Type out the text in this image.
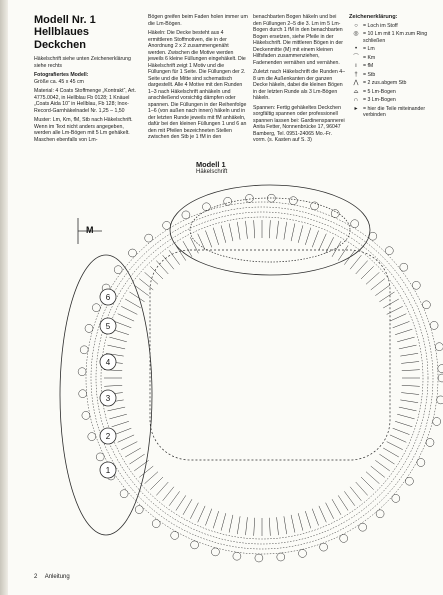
Modell Nr. 1
Hellblaues Deckchen

Häkelschrift siehe unten Zeichenerklärung siehe rechts

Fotografiertes Modell:
Größe ca. 45 x 45 cm

Material: 4 Coats Stoffmenge „Kontrakt“, Art. 4775.0042, in Hellblau Fb 0128; 1 Knäuel „Coats Aida 10“ in Hellblau, Fb 128; Inox-Record-Garnhäkelnadel Nr. 1,25 – 1,50

Muster: Lm, Km, fM, Stb nach Häkelschrift. Wenn im Text nicht anders angegeben, werden alle Lm-Bögen mit 5 Lm gehäkelt. Maschen ebenfalls von Lm-

Bögen greifen beim Faden holen immer um die Lm-Bögen.

Häkeln: Die Decke besteht aus 4 ermittleren Stoffmotiven, die in der Anordnung 2 x 2 zusammengenäht werden. Zwischen die Motive werden jeweils 6 kleine Füllungen eingehäkelt. Die Häkelschrift zeigt 1 Motiv und die Füllungen für 1 Seite. Die Füllungen der 2. Seite und die Mitte sind schematisch dargestellt. Alle 4 Motive mit den Runden 1–3 nach Häkelschrift anhäkeln und anschließend vorsichtig dämpfen oder spannen. Die Füllungen in der Reihenfolge 1–6 (von außen nach innen) häkeln und in der letzten Runde jeweils mit fM anhäkeln, dafür bei den kleinen Füllungen 1 und 6 an den mit Pfeilen bezeichneten Stellen zwischen den Stb je 1 fM in den

benachbarten Bogen häkeln und bei den Füllungen 2–5 die 3. Lm im 5 Lm-Bogen durch 1 fM in den benachbarten Bogen ersetzen, siehe Pfeile in der Häkelschrift. Die mittleren Bögen in der Deckenmitte (M) mit einem kleinen Hilfsfaden zusammenziehen, Fadenenden vernähen und vernähen.

Zuletzt nach Häkelschrift die Runden 4–8 um die Außenkanten der ganzen Decke häkeln, dabei die kleinen Bögen in der letzten Runde als 3 Lm-Bögen häkeln.

Spannen: Fertig gehäkeltes Deckchen sorgfältig spannen oder professionell spannen lassen bei: Gardinenspannerei Anita Fetter, Nonnenbrücke 17, 96047 Bamberg, Tel. 0951-24065 Mo.-Fr. vorm. (s. Kasten auf S. 3)

Zeichenerklärung:
○ = Loch im Stoff
◎ = 10 Lm mit 1 Km zum Ring schließen
•	= Lm
⌒ = Km
ı	= fM
†	= Stb
⋀ = 2 zus.abgem Stb
⌓ = 5 Lm-Bogen
∩ = 3 Lm-Bogen
▸	= hier die Teile miteinander verbinden
6
5
4
3
2
1
M
Modell 1
Häkelschrift
2 Anleitung
